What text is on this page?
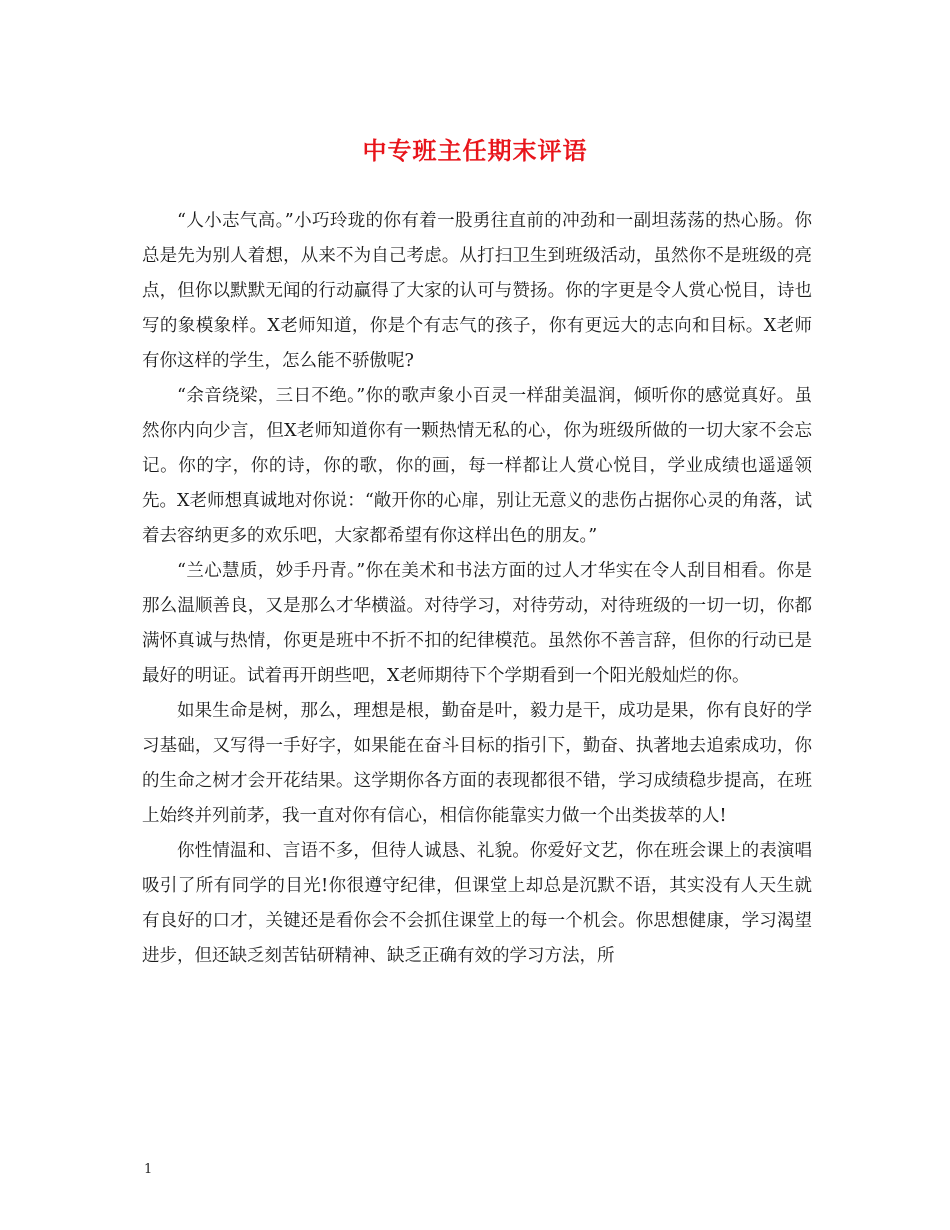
中专班主任期末评语

“人小志气高。”小巧玲珑的你有着一股勇往直前的冲劲和一副坦荡荡的热心肠。你总是先为别人着想，从来不为自己考虑。从打扫卫生到班级活动，虽然你不是班级的亮点，但你以默默无闻的行动赢得了大家的认可与赞扬。你的字更是令人赏心悦目，诗也写的象模象样。X老师知道，你是个有志气的孩子，你有更远大的志向和目标。X老师有你这样的学生，怎么能不骄傲呢?

“余音绕梁，三日不绝。”你的歌声象小百灵一样甜美温润，倾听你的感觉真好。虽然你内向少言，但X老师知道你有一颗热情无私的心，你为班级所做的一切大家不会忘记。你的字，你的诗，你的歌，你的画，每一样都让人赏心悦目，学业成绩也遥遥领先。X老师想真诚地对你说：“敞开你的心扉，别让无意义的悲伤占据你心灵的角落，试着去容纳更多的欢乐吧，大家都希望有你这样出色的朋友。”

“兰心慧质，妙手丹青。”你在美术和书法方面的过人才华实在令人刮目相看。你是那么温顺善良，又是那么才华横溢。对待学习，对待劳动，对待班级的一切一切，你都满怀真诚与热情，你更是班中不折不扣的纪律模范。虽然你不善言辞，但你的行动已是最好的明证。试着再开朗些吧，X老师期待下个学期看到一个阳光般灿烂的你。

如果生命是树，那么，理想是根，勤奋是叶，毅力是干，成功是果，你有良好的学习基础，又写得一手好字，如果能在奋斗目标的指引下，勤奋、执著地去追索成功，你的生命之树才会开花结果。这学期你各方面的表现都很不错，学习成绩稳步提高，在班上始终并列前茅，我一直对你有信心，相信你能靠实力做一个出类拔萃的人!

你性情温和、言语不多，但待人诚恳、礼貌。你爱好文艺，你在班会课上的表演唱吸引了所有同学的目光!你很遵守纪律，但课堂上却总是沉默不语，其实没有人天生就有良好的口才，关键还是看你会不会抓住课堂上的每一个机会。你思想健康，学习渴望进步，但还缺乏刻苦钻研精神、缺乏正确有效的学习方法，所

1
